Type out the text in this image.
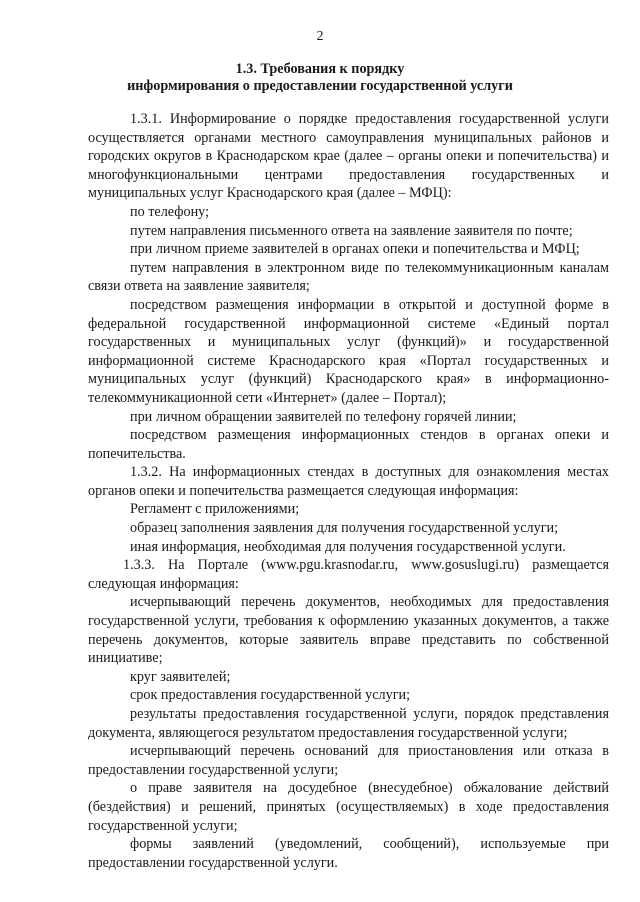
2
1.3. Требования к порядку
информирования о предоставлении государственной услуги
1.3.1. Информирование о порядке предоставления государственной услуги осуществляется органами местного самоуправления муниципальных районов и городских округов в Краснодарском крае (далее – органы опеки и попечительства) и многофункциональными центрами предоставления государственных и муниципальных услуг Краснодарского края (далее – МФЦ):
по телефону;
путем направления письменного ответа на заявление заявителя по почте;
при личном приеме заявителей в органах опеки и попечительства и МФЦ;
путем направления в электронном виде по телекоммуникационным каналам связи ответа на заявление заявителя;
посредством размещения информации в открытой и доступной форме в федеральной государственной информационной системе «Единый портал государственных и муниципальных услуг (функций)» и государственной информационной системе Краснодарского края «Портал государственных и муниципальных услуг (функций) Краснодарского края» в информационно-телекоммуникационной сети «Интернет» (далее – Портал);
при личном обращении заявителей по телефону горячей линии;
посредством размещения информационных стендов в органах опеки и попечительства.
1.3.2. На информационных стендах в доступных для ознакомления местах органов опеки и попечительства размещается следующая информация:
Регламент с приложениями;
образец заполнения заявления для получения государственной услуги;
иная информация, необходимая для получения государственной услуги.
1.3.3. На Портале (www.pgu.krasnodar.ru, www.gosuslugi.ru) размещается следующая информация:
исчерпывающий перечень документов, необходимых для предоставления государственной услуги, требования к оформлению указанных документов, а также перечень документов, которые заявитель вправе представить по собственной инициативе;
круг заявителей;
срок предоставления государственной услуги;
результаты предоставления государственной услуги, порядок представления документа, являющегося результатом предоставления государственной услуги;
исчерпывающий перечень оснований для приостановления или отказа в предоставлении государственной услуги;
о праве заявителя на досудебное (внесудебное) обжалование действий (бездействия) и решений, принятых (осуществляемых) в ходе предоставления государственной услуги;
формы заявлений (уведомлений, сообщений), используемые при предоставлении государственной услуги.
